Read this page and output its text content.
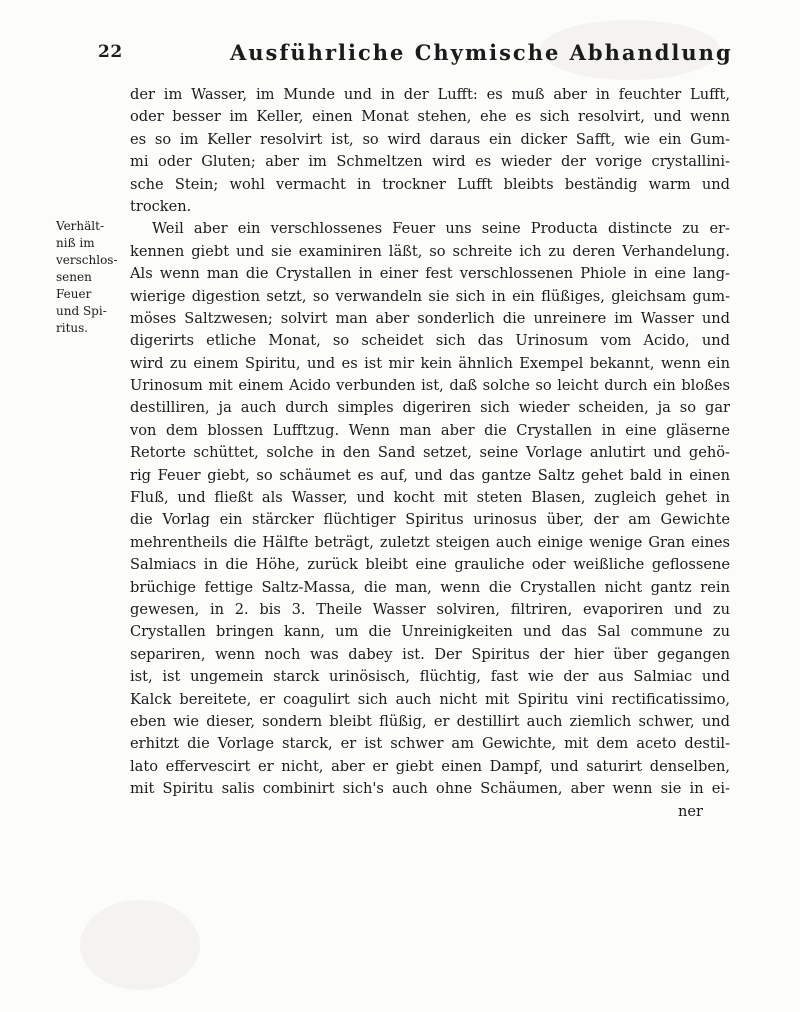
22	Ausführliche Chymische Abhandlung
Verhält-
niß im
verschlos-
senen
Feuer
und Spi-
ritus.
der im Wasser, im Munde und in der Lufft: es muß aber in feuchter Lufft,
oder besser im Keller, einen Monat stehen, ehe es sich resolvirt, und wenn
es so im Keller resolvirt ist, so wird daraus ein dicker Safft, wie ein Gum-
mi oder Gluten; aber im Schmeltzen wird es wieder der vorige crystallini-
sche Stein; wohl vermacht in trockner Lufft bleibts beständig warm und
trocken.
Weil aber ein verschlossenes Feuer uns seine Producta distincte zu er-
kennen giebt und sie examiniren läßt, so schreite ich zu deren Verhandelung.
Als wenn man die Crystallen in einer fest verschlossenen Phiole in eine lang-
wierige digestion setzt, so verwandeln sie sich in ein flüßiges, gleichsam gum-
möses Saltzwesen; solvirt man aber sonderlich die unreinere im Wasser und
digerirts etliche Monat, so scheidet sich das Urinosum vom Acido, und
wird zu einem Spiritu, und es ist mir kein ähnlich Exempel bekannt, wenn ein
Urinosum mit einem Acido verbunden ist, daß solche so leicht durch ein bloßes
destilliren, ja auch durch simples digeriren sich wieder scheiden, ja so gar
von dem blossen Lufftzug. Wenn man aber die Crystallen in eine gläserne
Retorte schüttet, solche in den Sand setzet, seine Vorlage anlutirt und gehö-
rig Feuer giebt, so schäumet es auf, und das gantze Saltz gehet bald in einen
Fluß, und fließt als Wasser, und kocht mit steten Blasen, zugleich gehet in
die Vorlag ein stärcker flüchtiger Spiritus urinosus über, der am Gewichte
mehrentheils die Hälfte beträgt, zuletzt steigen auch einige wenige Gran eines
Salmiacs in die Höhe, zurück bleibt eine grauliche oder weißliche geflossene
brüchige fettige Saltz-Massa, die man, wenn die Crystallen nicht gantz rein
gewesen, in 2. bis 3. Theile Wasser solviren, filtriren, evaporiren und zu
Crystallen bringen kann, um die Unreinigkeiten und das Sal commune zu
separiren, wenn noch was dabey ist. Der Spiritus der hier über gegangen
ist, ist ungemein starck urinösisch, flüchtig, fast wie der aus Salmiac und
Kalck bereitete, er coagulirt sich auch nicht mit Spiritu vini rectificatissimo,
eben wie dieser, sondern bleibt flüßig, er destillirt auch ziemlich schwer, und
erhitzt die Vorlage starck, er ist schwer am Gewichte, mit dem aceto destil-
lato effervescirt er nicht, aber er giebt einen Dampf, und saturirt denselben,
mit Spiritu salis combinirt sich's auch ohne Schäumen, aber wenn sie in ei-
ner
